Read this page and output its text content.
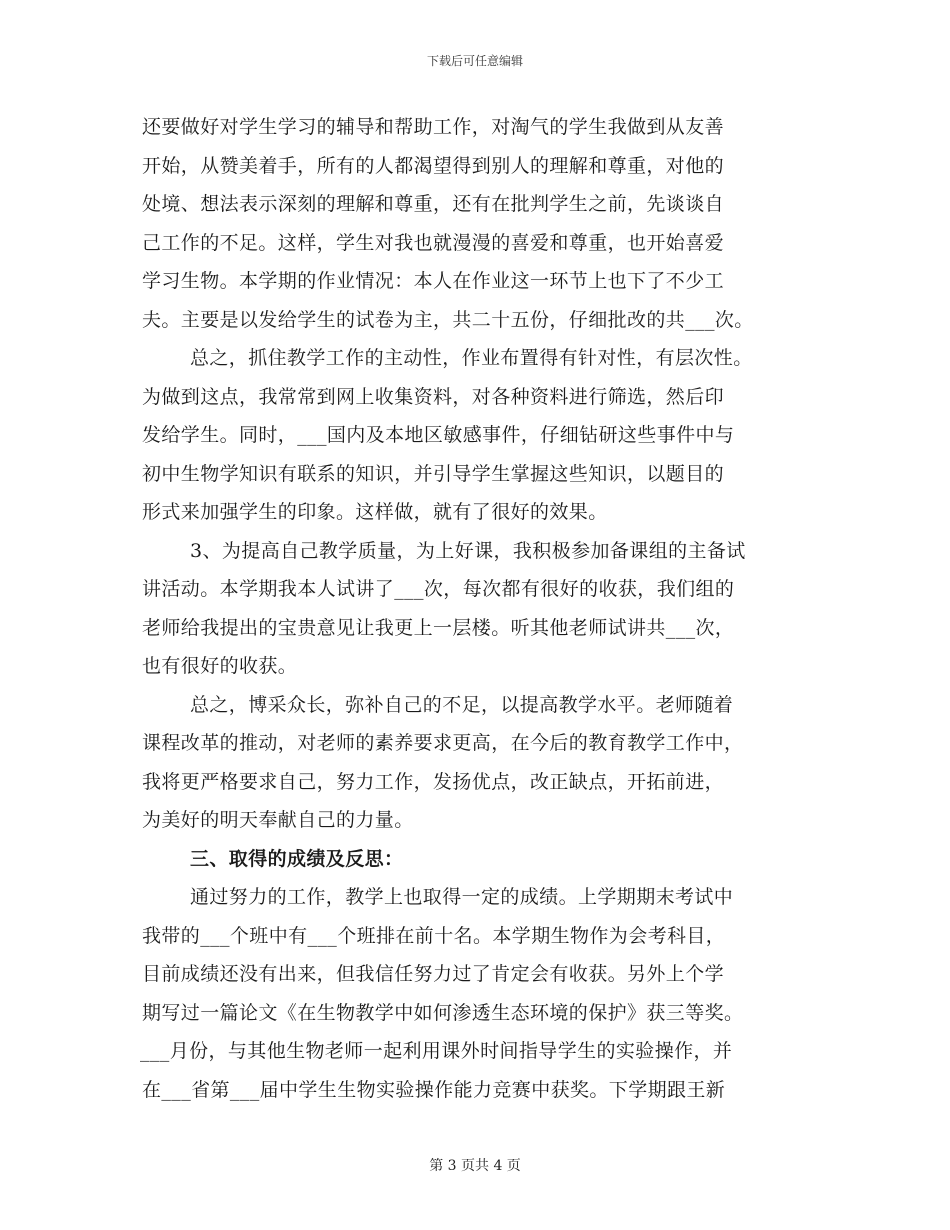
下载后可任意编辑
还要做好对学生学习的辅导和帮助工作，对淘气的学生我做到从友善
开始，从赞美着手，所有的人都渴望得到别人的理解和尊重，对他的
处境、想法表示深刻的理解和尊重，还有在批判学生之前，先谈谈自
己工作的不足。这样，学生对我也就漫漫的喜爱和尊重，也开始喜爱
学习生物。本学期的作业情况：本人在作业这一环节上也下了不少工
夫。主要是以发给学生的试卷为主，共二十五份，仔细批改的共___次。
总之，抓住教学工作的主动性，作业布置得有针对性，有层次性。
为做到这点，我常常到网上收集资料，对各种资料进行筛选，然后印
发给学生。同时，___国内及本地区敏感事件，仔细钻研这些事件中与
初中生物学知识有联系的知识，并引导学生掌握这些知识，以题目的
形式来加强学生的印象。这样做，就有了很好的效果。
3、为提高自己教学质量，为上好课，我积极参加备课组的主备试
讲活动。本学期我本人试讲了___次，每次都有很好的收获，我们组的
老师给我提出的宝贵意见让我更上一层楼。听其他老师试讲共___次，
也有很好的收获。
总之，博采众长，弥补自己的不足，以提高教学水平。老师随着
课程改革的推动，对老师的素养要求更高，在今后的教育教学工作中，
我将更严格要求自己，努力工作，发扬优点，改正缺点，开拓前进，
为美好的明天奉献自己的力量。
三、取得的成绩及反思：
通过努力的工作，教学上也取得一定的成绩。上学期期末考试中
我带的___个班中有___个班排在前十名。本学期生物作为会考科目，
目前成绩还没有出来，但我信任努力过了肯定会有收获。另外上个学
期写过一篇论文《在生物教学中如何渗透生态环境的保护》获三等奖。
___月份，与其他生物老师一起利用课外时间指导学生的实验操作，并
在___省第___届中学生生物实验操作能力竞赛中获奖。下学期跟王新
第 3 页共 4 页
